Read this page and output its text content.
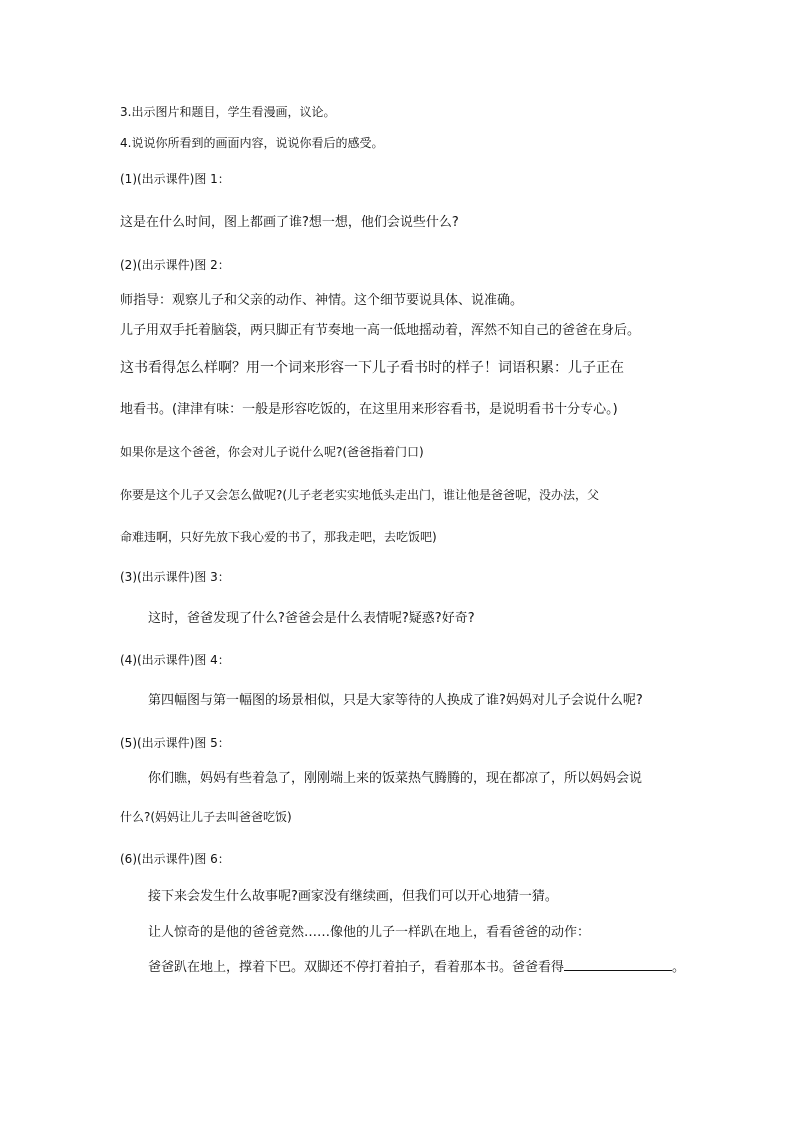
3.出示图片和题目，学生看漫画，议论。

4.说说你所看到的画面内容，说说你看后的感受。

(1)(出示课件)图 1：

这是在什么时间，图上都画了谁?想一想，他们会说些什么?

(2)(出示课件)图 2：

师指导：观察儿子和父亲的动作、神情。这个细节要说具体、说准确。

儿子用双手托着脑袋，两只脚正有节奏地一高一低地摇动着，浑然不知自己的爸爸在身后。

这书看得怎么样啊？用一个词来形容一下儿子看书时的样子！词语积累：儿子正在

地看书。(津津有味：一般是形容吃饭的，在这里用来形容看书，是说明看书十分专心。)

如果你是这个爸爸，你会对儿子说什么呢?(爸爸指着门口)

你要是这个儿子又会怎么做呢?(儿子老老实实地低头走出门，谁让他是爸爸呢，没办法，父

命难违啊，只好先放下我心爱的书了，那我走吧，去吃饭吧)

(3)(出示课件)图 3：

这时，爸爸发现了什么?爸爸会是什么表情呢?疑惑?好奇?

(4)(出示课件)图 4：

第四幅图与第一幅图的场景相似，只是大家等待的人换成了谁?妈妈对儿子会说什么呢?

(5)(出示课件)图 5：

你们瞧，妈妈有些着急了，刚刚端上来的饭菜热气腾腾的，现在都凉了，所以妈妈会说

什么?(妈妈让儿子去叫爸爸吃饭)

(6)(出示课件)图 6：

接下来会发生什么故事呢?画家没有继续画，但我们可以开心地猜一猜。

让人惊奇的是他的爸爸竟然……像他的儿子一样趴在地上，看看爸爸的动作：

爸爸趴在地上，撑着下巴。双脚还不停打着拍子，看着那本书。爸爸看得	。
